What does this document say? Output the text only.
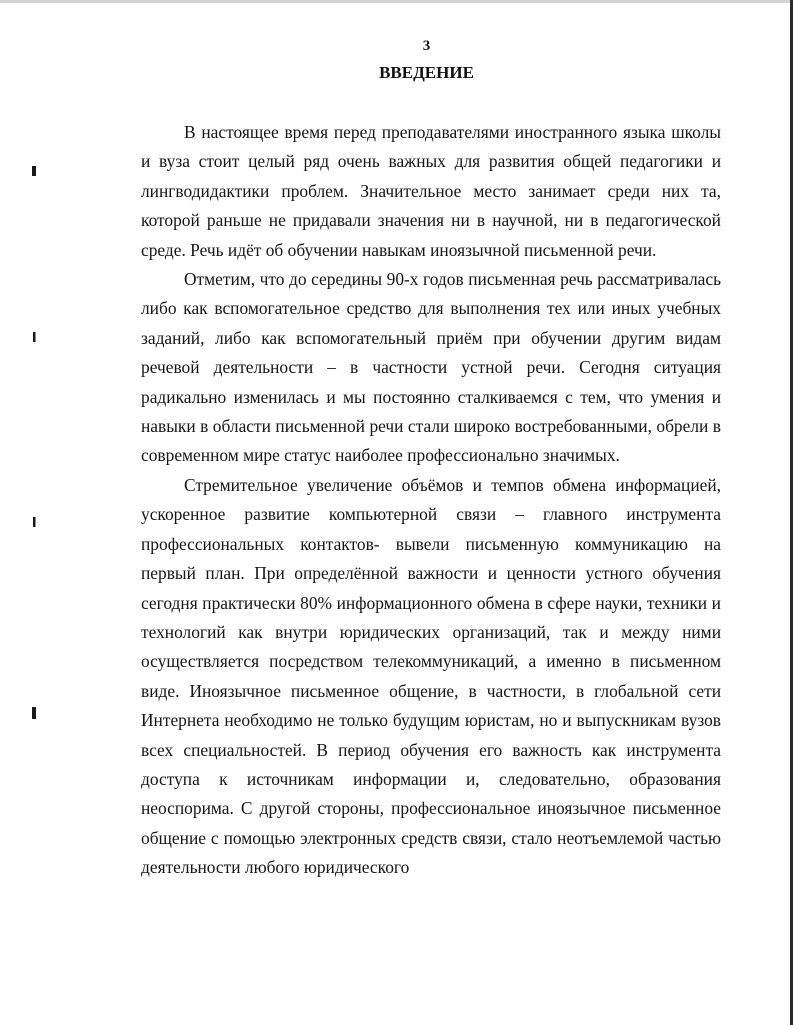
3
ВВЕДЕНИЕ

В настоящее время перед преподавателями иностранного языка школы и вуза стоит целый ряд очень важных для развития общей педагогики и лингводидактики проблем. Значительное место занимает среди них та, которой раньше не придавали значения ни в научной, ни в педагогической среде. Речь идёт об обучении навыкам иноязычной письменной речи.

Отметим, что до середины 90-х годов письменная речь рассматривалась либо как вспомогательное средство для выполнения тех или иных учебных заданий, либо как вспомогательный приём при обучении другим видам речевой деятельности – в частности устной речи. Сегодня ситуация радикально изменилась и мы постоянно сталкиваемся с тем, что умения и навыки в области письменной речи стали широко востребованными, обрели в современном мире статус наиболее профессионально значимых.

Стремительное увеличение объёмов и темпов обмена информацией, ускоренное развитие компьютерной связи – главного инструмента профессиональных контактов- вывели письменную коммуникацию на первый план. При определённой важности и ценности устного обучения сегодня практически 80% информационного обмена в сфере науки, техники и технологий как внутри юридических организаций, так и между ними осуществляется посредством телекоммуникаций, а именно в письменном виде. Иноязычное письменное общение, в частности, в глобальной сети Интернета необходимо не только будущим юристам, но и выпускникам вузов всех специальностей. В период обучения его важность как инструмента доступа к источникам информации и, следовательно, образования неоспорима. С другой стороны, профессиональное иноязычное письменное общение с помощью электронных средств связи, стало неотъемлемой частью деятельности любого юридического
